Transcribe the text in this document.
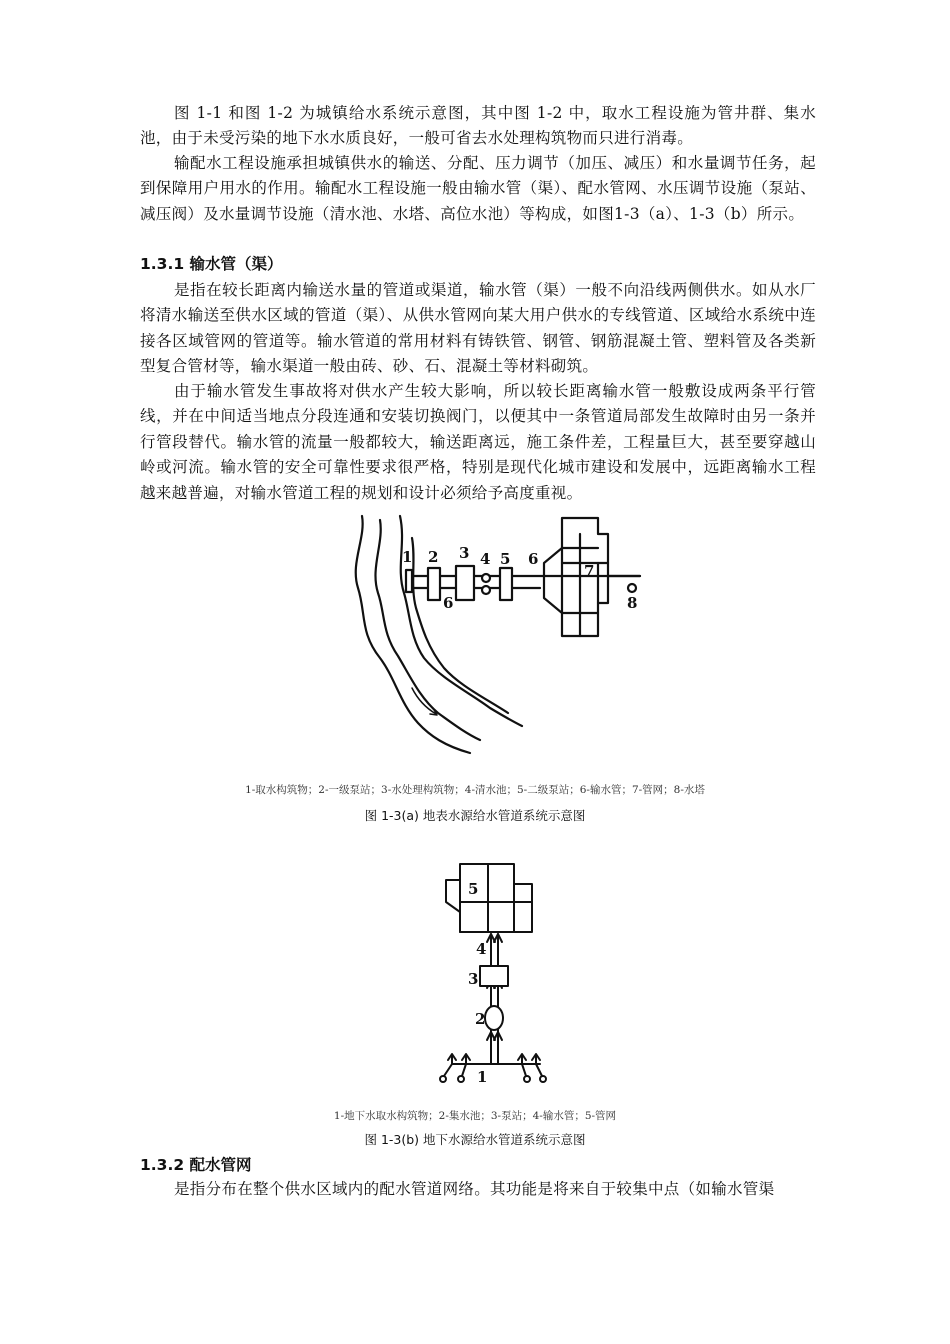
图 1-1 和图 1-2 为城镇给水系统示意图，其中图 1-2 中，取水工程设施为管井群、集水池，由于未受污染的地下水水质良好，一般可省去水处理构筑物而只进行消毒。

输配水工程设施承担城镇供水的输送、分配、压力调节（加压、减压）和水量调节任务，起到保障用户用水的作用。输配水工程设施一般由输水管（渠）、配水管网、水压调节设施（泵站、减压阀）及水量调节设施（清水池、水塔、高位水池）等构成，如图1-3（a）、1-3（b）所示。

1.3.1 输水管（渠）

是指在较长距离内输送水量的管道或渠道，输水管（渠）一般不向沿线两侧供水。如从水厂将清水输送至供水区域的管道（渠）、从供水管网向某大用户供水的专线管道、区域给水系统中连接各区域管网的管道等。输水管道的常用材料有铸铁管、钢管、钢筋混凝土管、塑料管及各类新型复合管材等，输水渠道一般由砖、砂、石、混凝土等材料砌筑。

由于输水管发生事故将对供水产生较大影响，所以较长距离输水管一般敷设成两条平行管线，并在中间适当地点分段连通和安装切换阀门，以便其中一条管道局部发生故障时由另一条并行管段替代。输水管的流量一般都较大，输送距离远，施工条件差，工程量巨大，甚至要穿越山岭或河流。输水管的安全可靠性要求很严格，特别是现代化城市建设和发展中，远距离输水工程越来越普遍，对输水管道工程的规划和设计必须给予高度重视。

1 2 3 4 5 6
6
7
8

1-取水构筑物；2-一级泵站；3-水处理构筑物；4-清水池；5-二级泵站；6-输水管；7-管网；8-水塔

图 1-3(a) 地表水源给水管道系统示意图

5
4
3
2
1

1-地下水取水构筑物；2-集水池；3-泵站；4-输水管；5-管网

图 1-3(b) 地下水源给水管道系统示意图

1.3.2 配水管网

是指分布在整个供水区域内的配水管道网络。其功能是将来自于较集中点（如输水管渠
